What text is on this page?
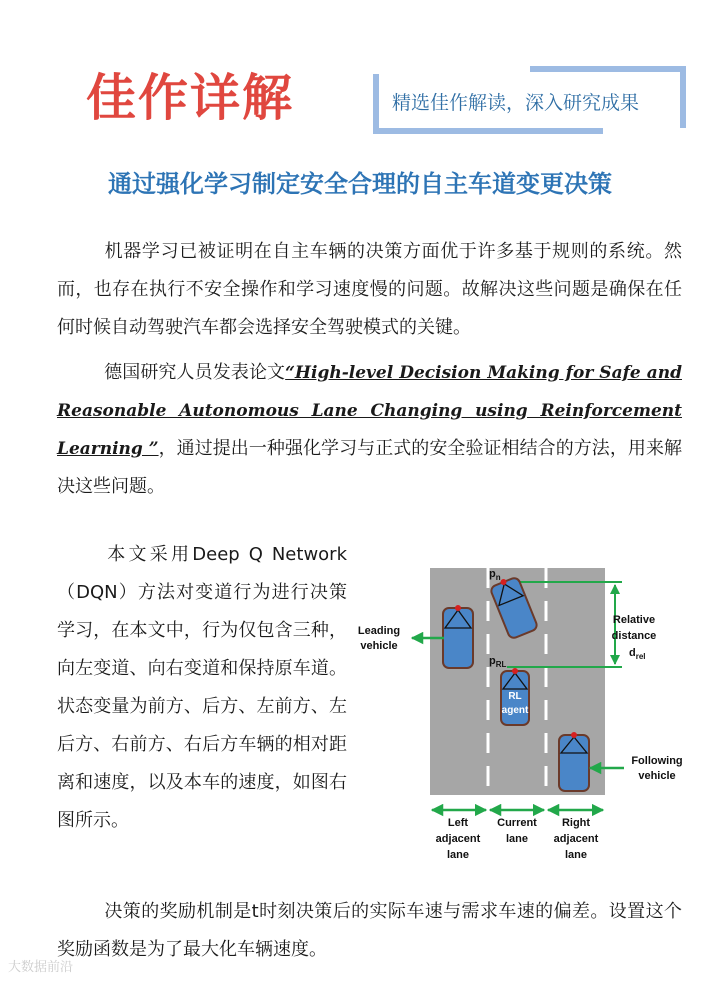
佳作详解	精选佳作解读，深入研究成果

通过强化学习制定安全合理的自主车道变更决策

机器学习已被证明在自主车辆的决策方面优于许多基于规则的系统。然而，也存在执行不安全操作和学习速度慢的问题。故解决这些问题是确保在任何时候自动驾驶汽车都会选择安全驾驶模式的关键。

德国研究人员发表论文“High-level Decision Making for Safe and Reasonable Autonomous Lane Changing using Reinforcement Learning ”，通过提出一种强化学习与正式的安全验证相结合的方法，用来解决这些问题。

本文采用Deep Q Network（DQN）方法对变道行为进行决策学习，在本文中，行为仅包含三种，向左变道、向右变道和保持原车道。状态变量为前方、后方、左前方、左后方、右前方、右后方车辆的相对距离和速度，以及本车的速度，如图右图所示。

Leading
vehicle
Following
vehicle
Relative
distance
$d_{rel}$
$p_n$
$p_{RL}$
Left
adjacent
lane
Current
lane
Right
adjacent
lane
RL
agent

决策的奖励机制是t时刻决策后的实际车速与需求车速的偏差。设置这个奖励函数是为了最大化车辆速度。

大数据前沿
